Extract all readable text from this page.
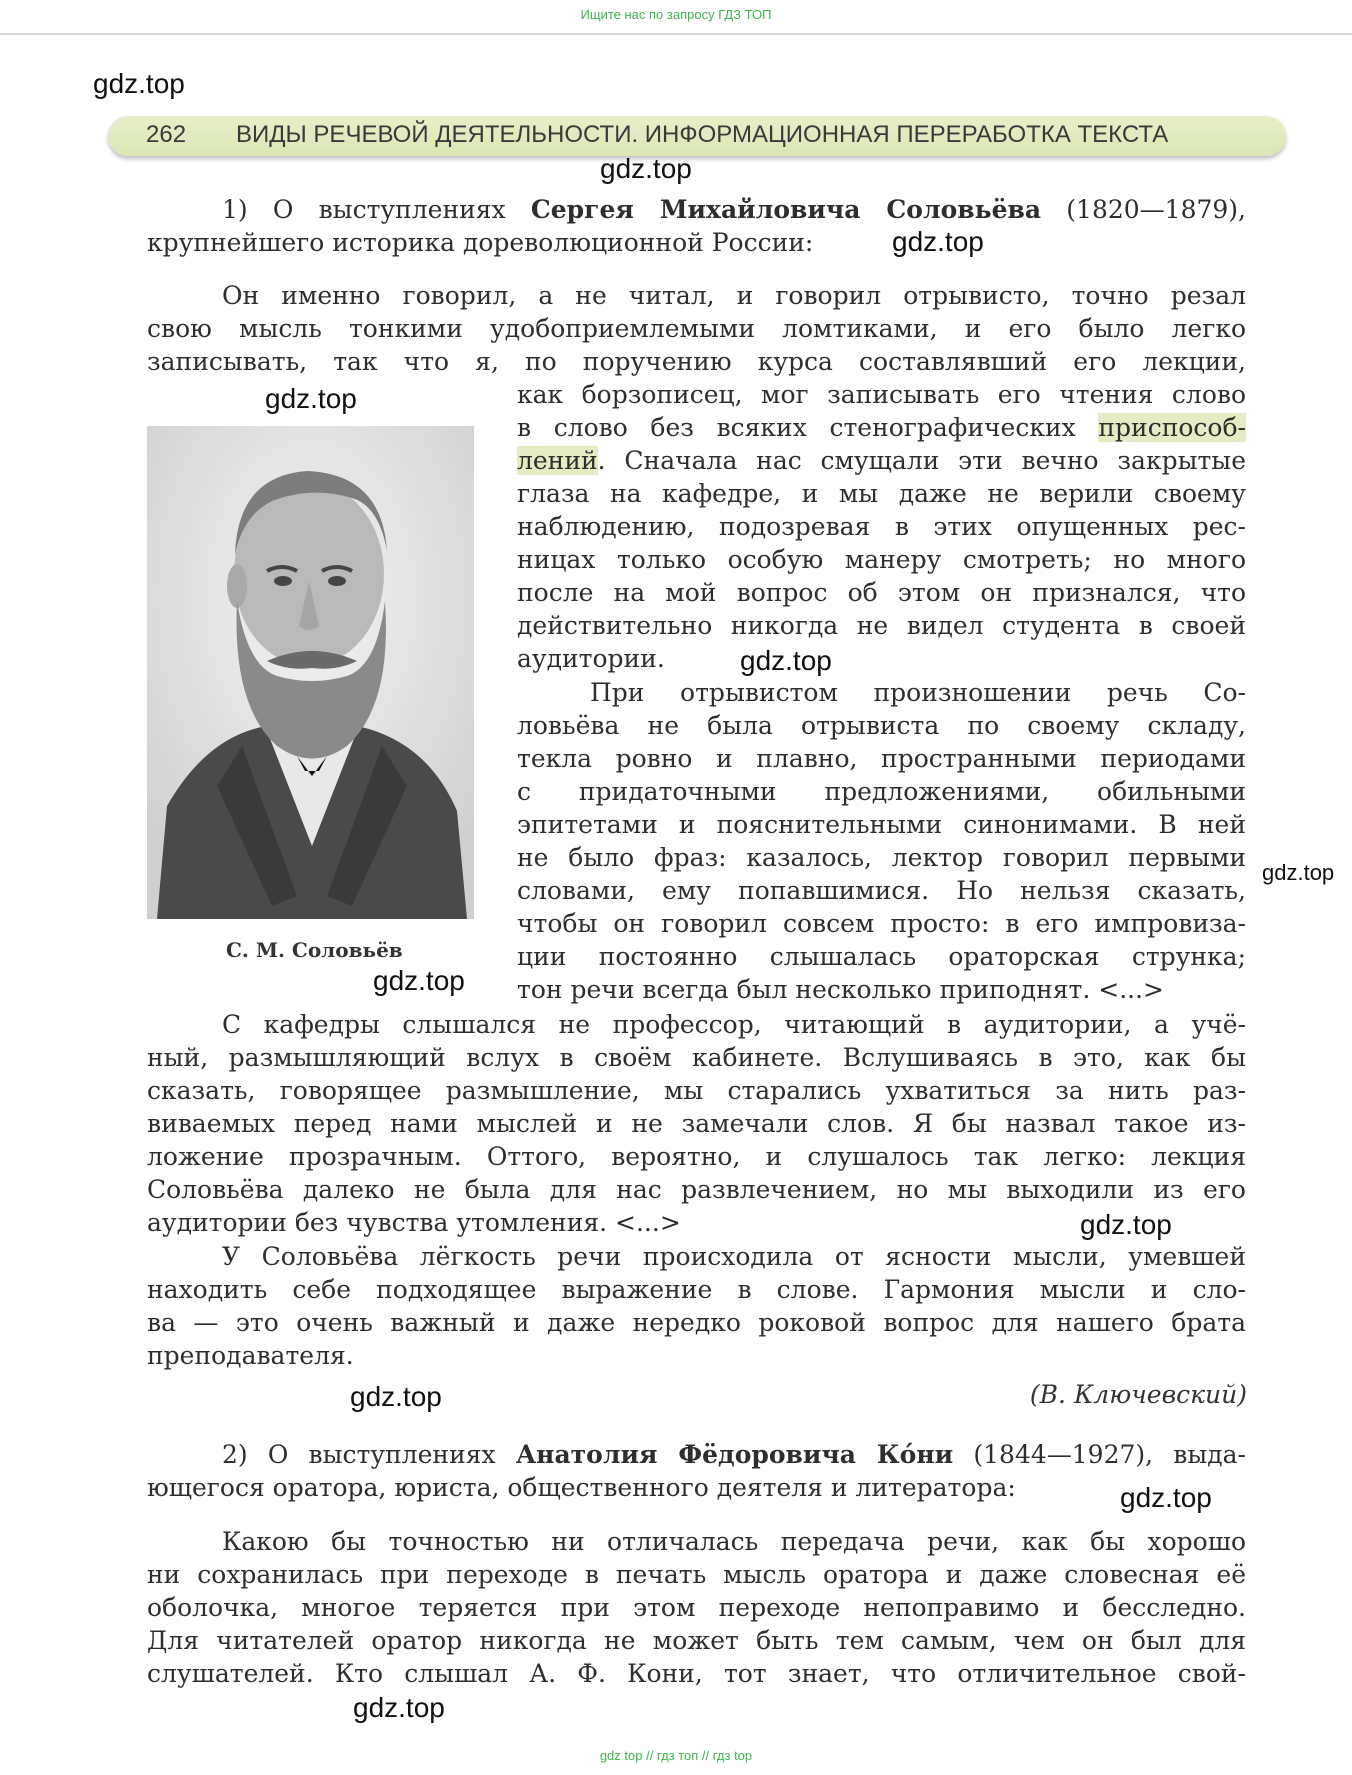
Ищите нас по запросу ГДЗ ТОП
gdz.top
262 ВИДЫ РЕЧЕВОЙ ДЕЯТЕЛЬНОСТИ. ИНФОРМАЦИОННАЯ ПЕРЕРАБОТКА ТЕКСТА
gdz.top
1) О выступлениях Сергея Михайловича Соловьёва (1820—1879),
крупнейшего историка дореволюционной России:	gdz.top
Он именно говорил, а не читал, и говорил отрывисто, точно резал
свою мысль тонкими удобоприемлемыми ломтиками, и его было легко
записывать, так что я, по поручению курса составлявший его лекции,
gdz.top
С. М. Соловьёв
как борзописец, мог записывать его чтения слово
в слово без всяких стенографических приспособ-
лений. Сначала нас смущали эти вечно закрытые
глаза на кафедре, и мы даже не верили своему
наблюдению, подозревая в этих опущенных рес-
ницах только особую манеру смотреть; но много
после на мой вопрос об этом он признался, что
действительно никогда не видел студента в своей
аудитории.	gdz.top
При отрывистом произношении речь Со-
ловьёва не была отрывиста по своему складу,
текла ровно и плавно, пространными периодами
с придаточными предложениями, обильными
эпитетами и пояснительными синонимами. В ней
не было фраз: казалось, лектор говорил первыми
gdz.top
словами, ему попавшимися. Но нельзя сказать,
чтобы он говорил совсем просто: в его импровиза-
ции постоянно слышалась ораторская струнка;
gdz.top тон речи всегда был несколько приподнят. <...>
С кафедры слышался не профессор, читающий в аудитории, а учё-
ный, размышляющий вслух в своём кабинете. Вслушиваясь в это, как бы
сказать, говорящее размышление, мы старались ухватиться за нить раз-
виваемых перед нами мыслей и не замечали слов. Я бы назвал такое из-
ложение прозрачным. Оттого, вероятно, и слушалось так легко: лекция
Соловьёва далеко не была для нас развлечением, но мы выходили из его
аудитории без чувства утомления. <...>	gdz.top
У Соловьёва лёгкость речи происходила от ясности мысли, умевшей
находить себе подходящее выражение в слове. Гармония мысли и сло-
ва — это очень важный и даже нередко роковой вопрос для нашего брата
преподавателя.
(В. Ключевский)
gdz.top
2) О выступлениях Анатолия Фёдоровича Ко́ни (1844—1927), выда-
ющегося оратора, юриста, общественного деятеля и литератора:	gdz.top
Какою бы точностью ни отличалась передача речи, как бы хорошо
ни сохранилась при переходе в печать мысль оратора и даже словесная её
оболочка, многое теряется при этом переходе непоправимо и бесследно.
Для читателей оратор никогда не может быть тем самым, чем он был для
слушателей. Кто слышал А. Ф. Кони, тот знает, что отличительное свой-
gdz.top
gdz top // гдз топ // гдз top
